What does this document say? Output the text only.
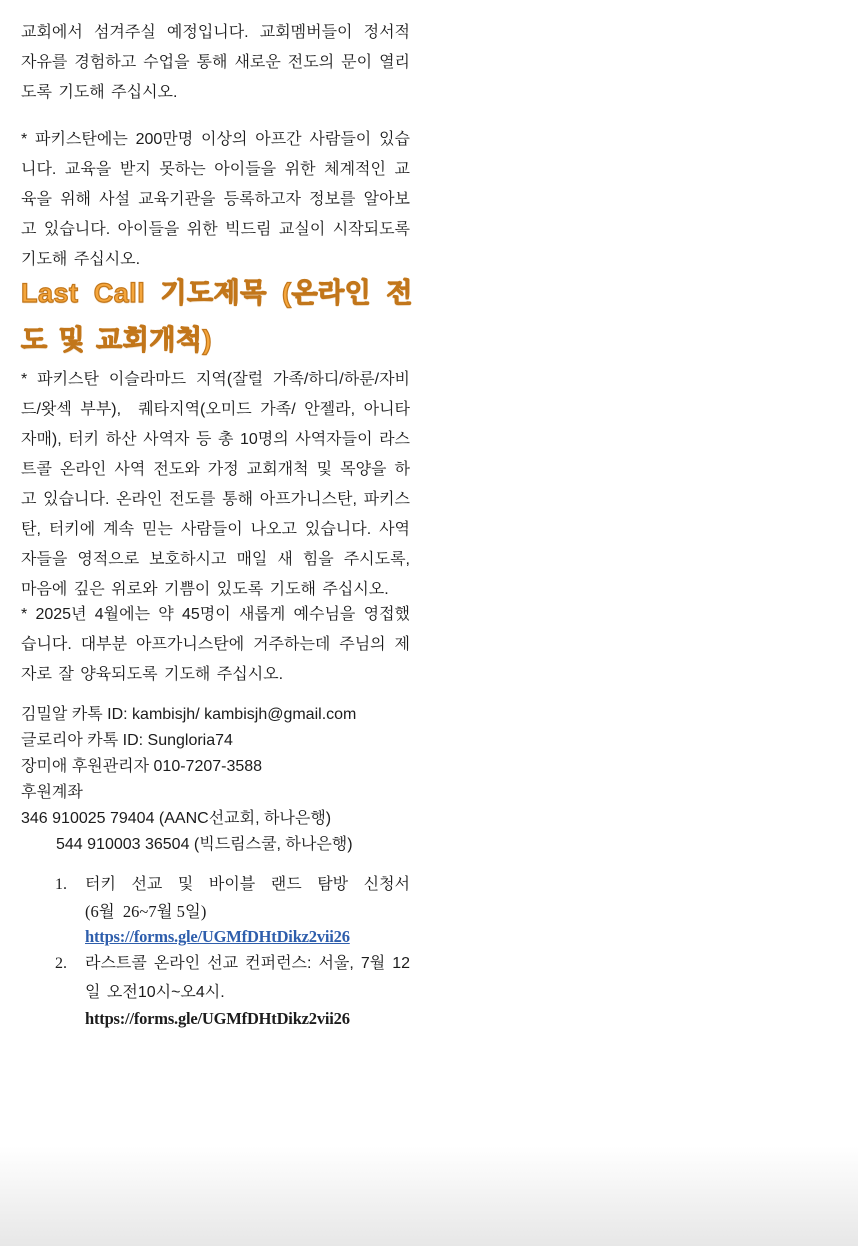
교회에서 섬겨주실 예정입니다. 교회멤버들이 정서적 자유를 경험하고 수업을 통해 새로운 전도의 문이 열리도록 기도해 주십시오.
* 파키스탄에는 200만명 이상의 아프간 사람들이 있습니다. 교육을 받지 못하는 아이들을 위한 체계적인 교육을 위해 사설 교육기관을 등록하고자 정보를 알아보고 있습니다. 아이들을 위한 빅드림 교실이 시작되도록 기도해 주십시오.
Last Call 기도제목 (온라인 전도 및 교회개척)
* 파키스탄 이슬라마드 지역(잘럴 가족/하디/하룬/자비드/왓섹 부부),  퀘타지역(오미드 가족/ 안젤라, 아니타 자매), 터키 하산 사역자 등 총 10명의 사역자들이 라스트콜 온라인 사역 전도와 가정 교회개척 및 목양을 하고 있습니다. 온라인 전도를 통해 아프가니스탄, 파키스탄, 터키에 계속 믿는 사람들이 나오고 있습니다. 사역자들을 영적으로 보호하시고 매일 새 힘을 주시도록, 마음에 깊은 위로와 기쁨이 있도록 기도해 주십시오.
* 2025년 4월에는 약 45명이 새롭게 예수님을 영접했습니다. 대부분 아프가니스탄에 거주하는데 주님의 제자로 잘 양육되도록 기도해 주십시오.
김밀알 카톡 ID: kambisjh/ kambisjh@gmail.com
글로리아 카톡 ID: Sungloria74
장미애 후원관리자 010-7207-3588
후원계좌
346 910025 79404 (AANC선교회, 하나은행)
544 910003 36504 (빅드림스쿨, 하나은행)
1.	터키 선교 및 바이블 랜드 탐방 신청서
(6월  26~7월 5일)
https://forms.gle/UGMfDHtDikz2vii26
2.	라스트콜 온라인 선교 컨퍼런스: 서울, 7월 12일 오전10시~오4시.
https://forms.gle/UGMfDHtDikz2vii26
